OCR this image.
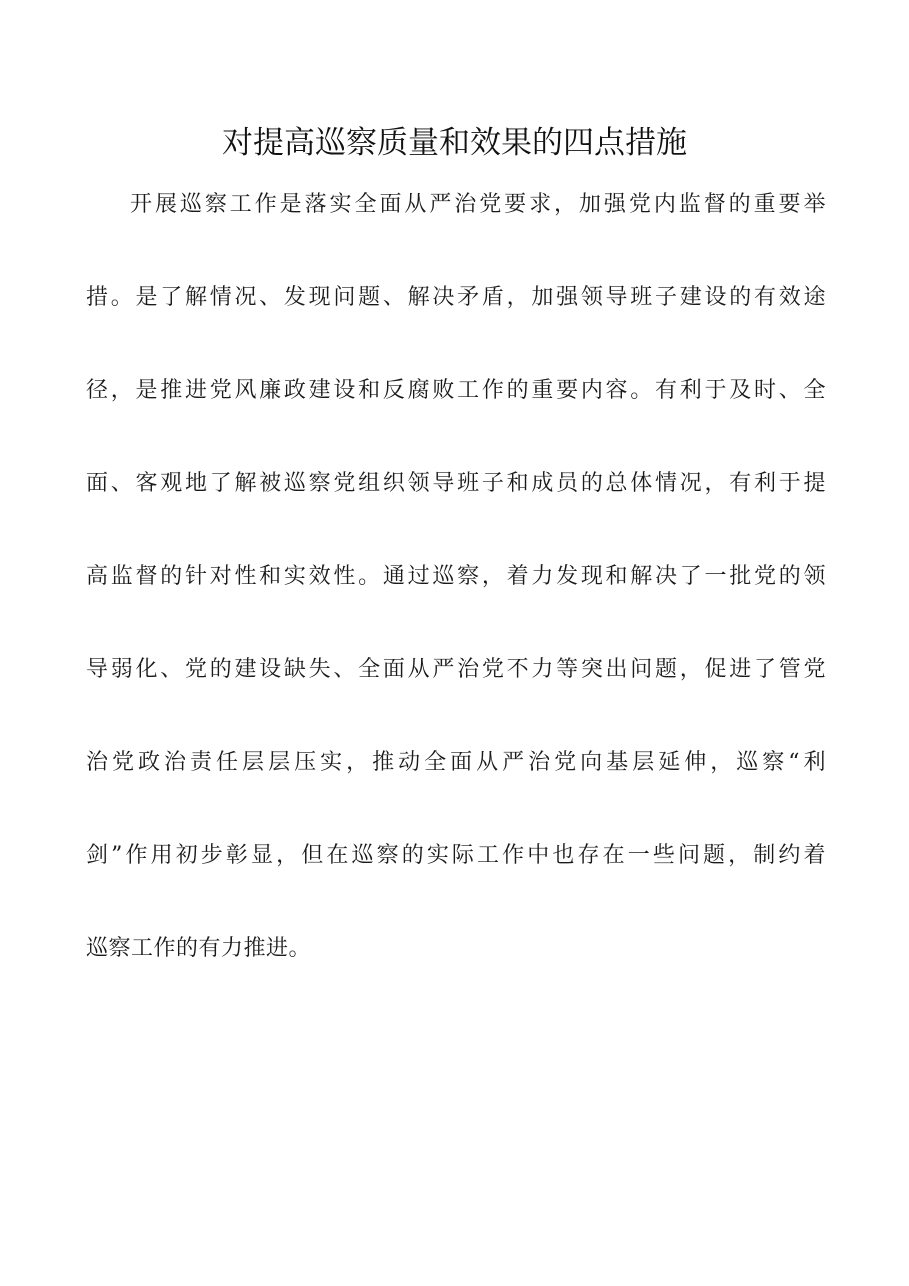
对提高巡察质量和效果的四点措施
开展巡察工作是落实全面从严治党要求，加强党内监督的重要举
措。是了解情况、发现问题、解决矛盾，加强领导班子建设的有效途
径，是推进党风廉政建设和反腐败工作的重要内容。有利于及时、全
面、客观地了解被巡察党组织领导班子和成员的总体情况，有利于提
高监督的针对性和实效性。通过巡察，着力发现和解决了一批党的领
导弱化、党的建设缺失、全面从严治党不力等突出问题，促进了管党
治党政治责任层层压实，推动全面从严治党向基层延伸，巡察“利
剑”作用初步彰显，但在巡察的实际工作中也存在一些问题，制约着
巡察工作的有力推进。
